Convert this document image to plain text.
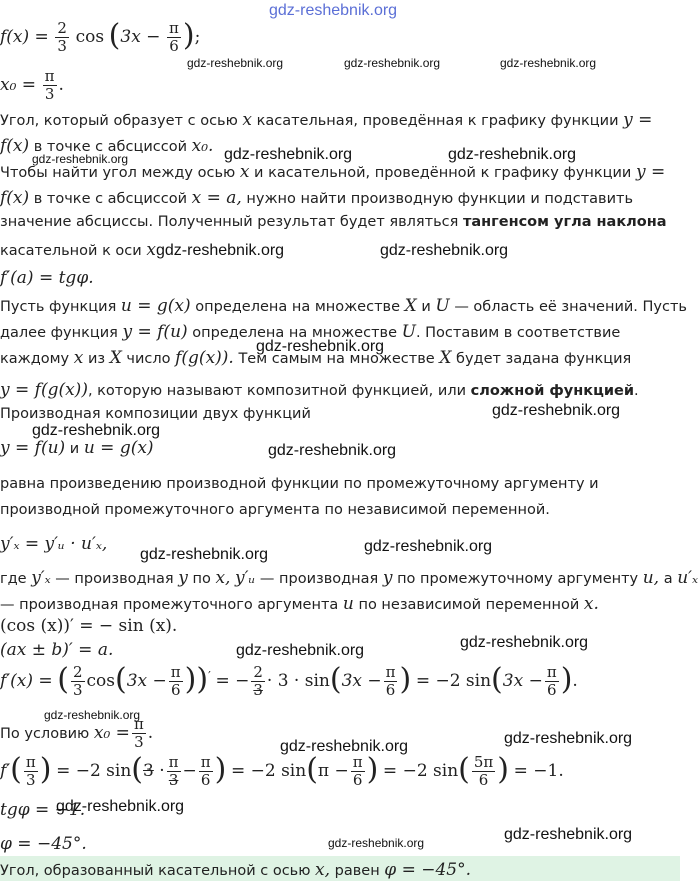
gdz-reshebnik.org
$f(x) = \frac{2}{3}$ $\cos (3x - \frac{\pi}{6}$ );
$x_0 = \frac{\pi}{3}$ .
Угол, который образует с осью x касательная, проведённая к графику функции y =
f(x) в точке с абсциссой x₀.
Чтобы найти угол между осью x и касательной, проведённой к графику функции y =
f(x) в точке с абсциссой x = a, нужно найти производную функции и подставить
значение абсциссы. Полученный результат будет являться тангенсом угла наклона
касательной к оси x
f′(a) = tgφ.
Пусть функция u = g(x) определена на множестве X и U — область её значений. Пусть
далее функция y = f(u) определена на множестве U. Поставим в соответствие
каждому x из X число f(g(x)). Тем самым на множестве X будет задана функция
y = f(g(x)), которую называют композитной функцией, или сложной функцией.
Производная композиции двух функций
y = f(u) и u = g(x)
равна произведению производной функции по промежуточному аргументу и
производной промежуточного аргумента по независимой переменной.
y′ₓ = y′ᵤ · u′ₓ,
где y′ₓ — производная y по x, y′ᵤ — производная y по промежуточному аргументу u, а u′ₓ
— производная промежуточного аргумента u по независимой переменной x.
(cos (x))′ = − sin (x).
(ax ± b)′ = a.
f′(x) = ( $\frac{2}{3} \cos(3x - \frac{\pi}{6} ))'$ = − $\frac{2}{3} \cdot 3 \cdot \sin(3x - \frac{\pi}{6}$ ) = −2 $\sin(3x - \frac{\pi}{6}$ ).
По условию $x_0 = \frac{\pi}{3}$ .
$f'( \frac{\pi}{3}$ ) = −2 $\sin(3 \cdot \frac{\pi}{3} - \frac{\pi}{6}$ ) = −2 $\sin(\pi - \frac{\pi}{6}$ ) = −2 $\sin( \frac{5\pi}{6}$ ) = −1.
tgφ = −1.
φ = −45°.
Угол, образованный касательной с осью x, равен φ = −45°.
gdz-reshebnik.org	gdz-reshebnik.org	gdz-reshebnik.org
gdz-reshebnik.org	gdz-reshebnik.org	gdz-reshebnik.org
gdz-reshebnik.org	gdz-reshebnik.org
gdz-reshebnik.org
gdz-reshebnik.org
gdz-reshebnik.org
gdz-reshebnik.org
gdz-reshebnik.org	gdz-reshebnik.org
gdz-reshebnik.org	gdz-reshebnik.org
gdz-reshebnik.org
gdz-reshebnik.org	gdz-reshebnik.org
gdz-reshebnik.org
gdz-reshebnik.org	gdz-reshebnik.org
